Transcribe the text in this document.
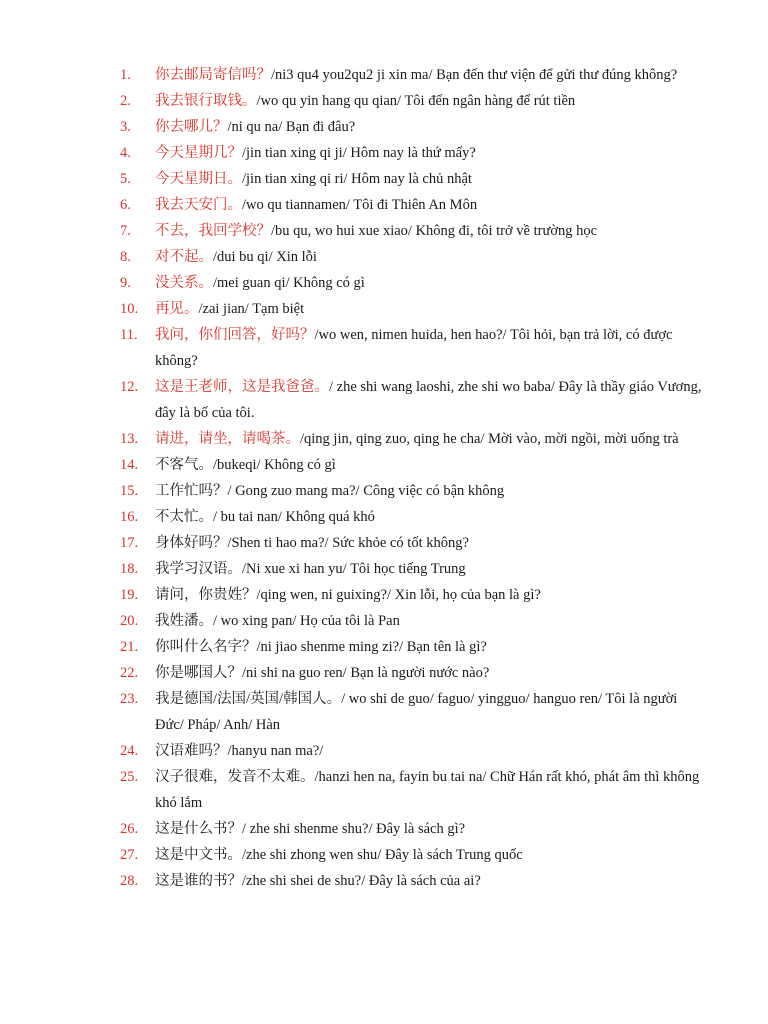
1.	你去邮局寄信吗？/ni3 qu4 you2qu2 ji xin ma/ Bạn đến thư viện để gửi thư đúng không?
2.	我去银行取钱。/wo qu yin hang qu qian/ Tôi đến ngân hàng để rút tiền
3.	你去哪儿？/ni qu na/ Bạn đi đâu?
4.	今天星期几？/jin tian xing qi ji/ Hôm nay là thứ mấy?
5.	今天星期日。/jin tian xing qi ri/ Hôm nay là chủ nhật
6.	我去天安门。/wo qu tiannamen/ Tôi đi Thiên An Môn
7.	不去，我回学校？/bu qu, wo hui xue xiao/ Không đi, tôi trở về trường học
8.	对不起。/dui bu qi/ Xin lỗi
9.	没关系。/mei guan qi/ Không có gì
10.	再见。/zai jian/ Tạm biệt
11.	我问，你们回答，好吗？/wo wen, nimen huida, hen hao?/ Tôi hỏi, bạn trả lời, có được không?
12.	这是王老师，这是我爸爸。/ zhe shi wang laoshi, zhe shi wo baba/ Đây là thầy giáo Vương, đây là bố của tôi.
13.	请进，请坐，请喝茶。/qing jin, qing zuo, qing he cha/ Mời vào, mời ngồi, mời uống trà
14.	不客气。/bukeqi/ Không có gì
15.	工作忙吗？/ Gong zuo mang ma?/ Công việc có bận không
16.	不太忙。/ bu tai nan/ Không quá khó
17.	身体好吗？/Shen ti hao ma?/ Sức khỏe có tốt không?
18.	我学习汉语。/Ni xue xi han yu/ Tôi học tiếng Trung
19.	请问，你贵姓？/qing wen, ni guixing?/ Xin lỗi, họ của bạn là gì?
20.	我姓潘。/ wo xing pan/ Họ của tôi là Pan
21.	你叫什么名字？/ni jiao shenme ming zi?/ Bạn tên là gì?
22.	你是哪国人？/ni shi na guo ren/ Bạn là người nước nào?
23.	我是德国/法国/英国/韩国人。/ wo shi de guo/ faguo/ yingguo/ hanguo ren/ Tôi là người Đức/ Pháp/ Anh/ Hàn
24.	汉语难吗？/hanyu nan ma?/
25.	汉子很难，发音不太难。/hanzi hen na, fayin bu tai na/ Chữ Hán rất khó, phát âm thì không khó lắm
26.	这是什么书？/ zhe shi shenme shu?/ Đây là sách gì?
27.	这是中文书。/zhe shi zhong wen shu/ Đây là sách Trung quốc
28.	这是谁的书？/zhe shi shei de shu?/ Đây là sách của ai?
